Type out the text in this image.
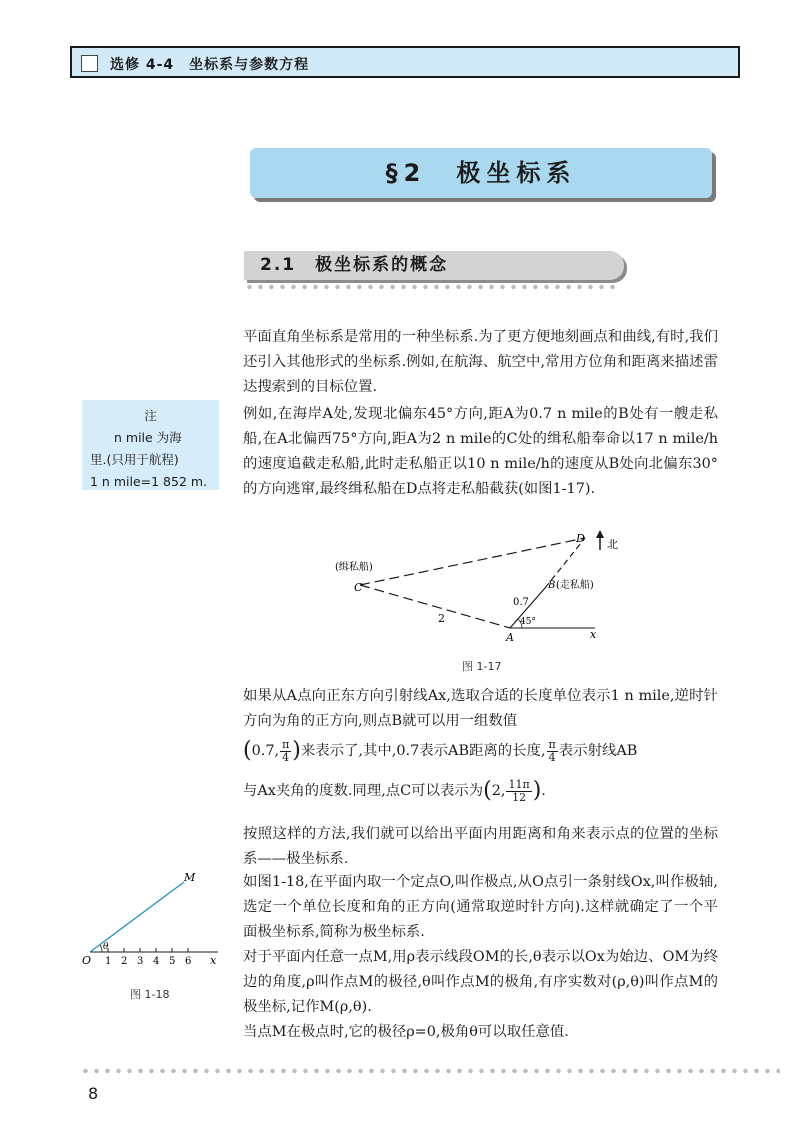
选修 4-4　坐标系与参数方程
§2　极坐标系
2.1　极坐标系的概念

平面直角坐标系是常用的一种坐标系.为了更方便地刻画点和曲线,有时,我们还引入其他形式的坐标系.例如,在航海、航空中,常用方位角和距离来描述雷达搜索到的目标位置.

例如,在海岸A处,发现北偏东45°方向,距A为0.7 n mile的B处有一艘走私船,在A北偏西75°方向,距A为2 n mile的C处的缉私船奉命以17 n mile/h的速度追截走私船,此时走私船正以10 n mile/h的速度从B处向北偏东30°的方向逃窜,最终缉私船在D点将走私船截获(如图1-17).

注
n mile 为海
里.(只用于航程)
1 n mile=1 852 m.
C
(缉私船)
D 北
B (走私船)
A	x
2
0.7
45°
图 1-17

如果从A点向正东方向引射线Ax,选取合适的长度单位表示1 n mile,逆时针方向为角的正方向,则点B就可以用一组数值

(0.7, $\frac{\pi}{4}$ )来表示了,其中,0.7表示AB距离的长度, $\frac{\pi}{4}$ 表示射线AB
与Ax夹角的度数.同理,点C可以表示为(2, $\frac{11\pi}{12}$ ).

按照这样的方法,我们就可以给出平面内用距离和角来表示点的位置的坐标系——极坐标系.

如图1-18,在平面内取一个定点O,叫作极点,从O点引一条射线Ox,叫作极轴,选定一个单位长度和角的正方向(通常取逆时针方向).这样就确定了一个平面极坐标系,简称为极坐标系.

对于平面内任意一点M,用ρ表示线段OM的长,θ表示以Ox为始边、OM为终边的角度,ρ叫作点M的极径,θ叫作点M的极角,有序实数对(ρ,θ)叫作点M的极坐标,记作M(ρ,θ).

当点M在极点时,它的极径ρ=0,极角θ可以取任意值.

M
O
θ
x
1 2 3 4 5 6
图 1-18
8
